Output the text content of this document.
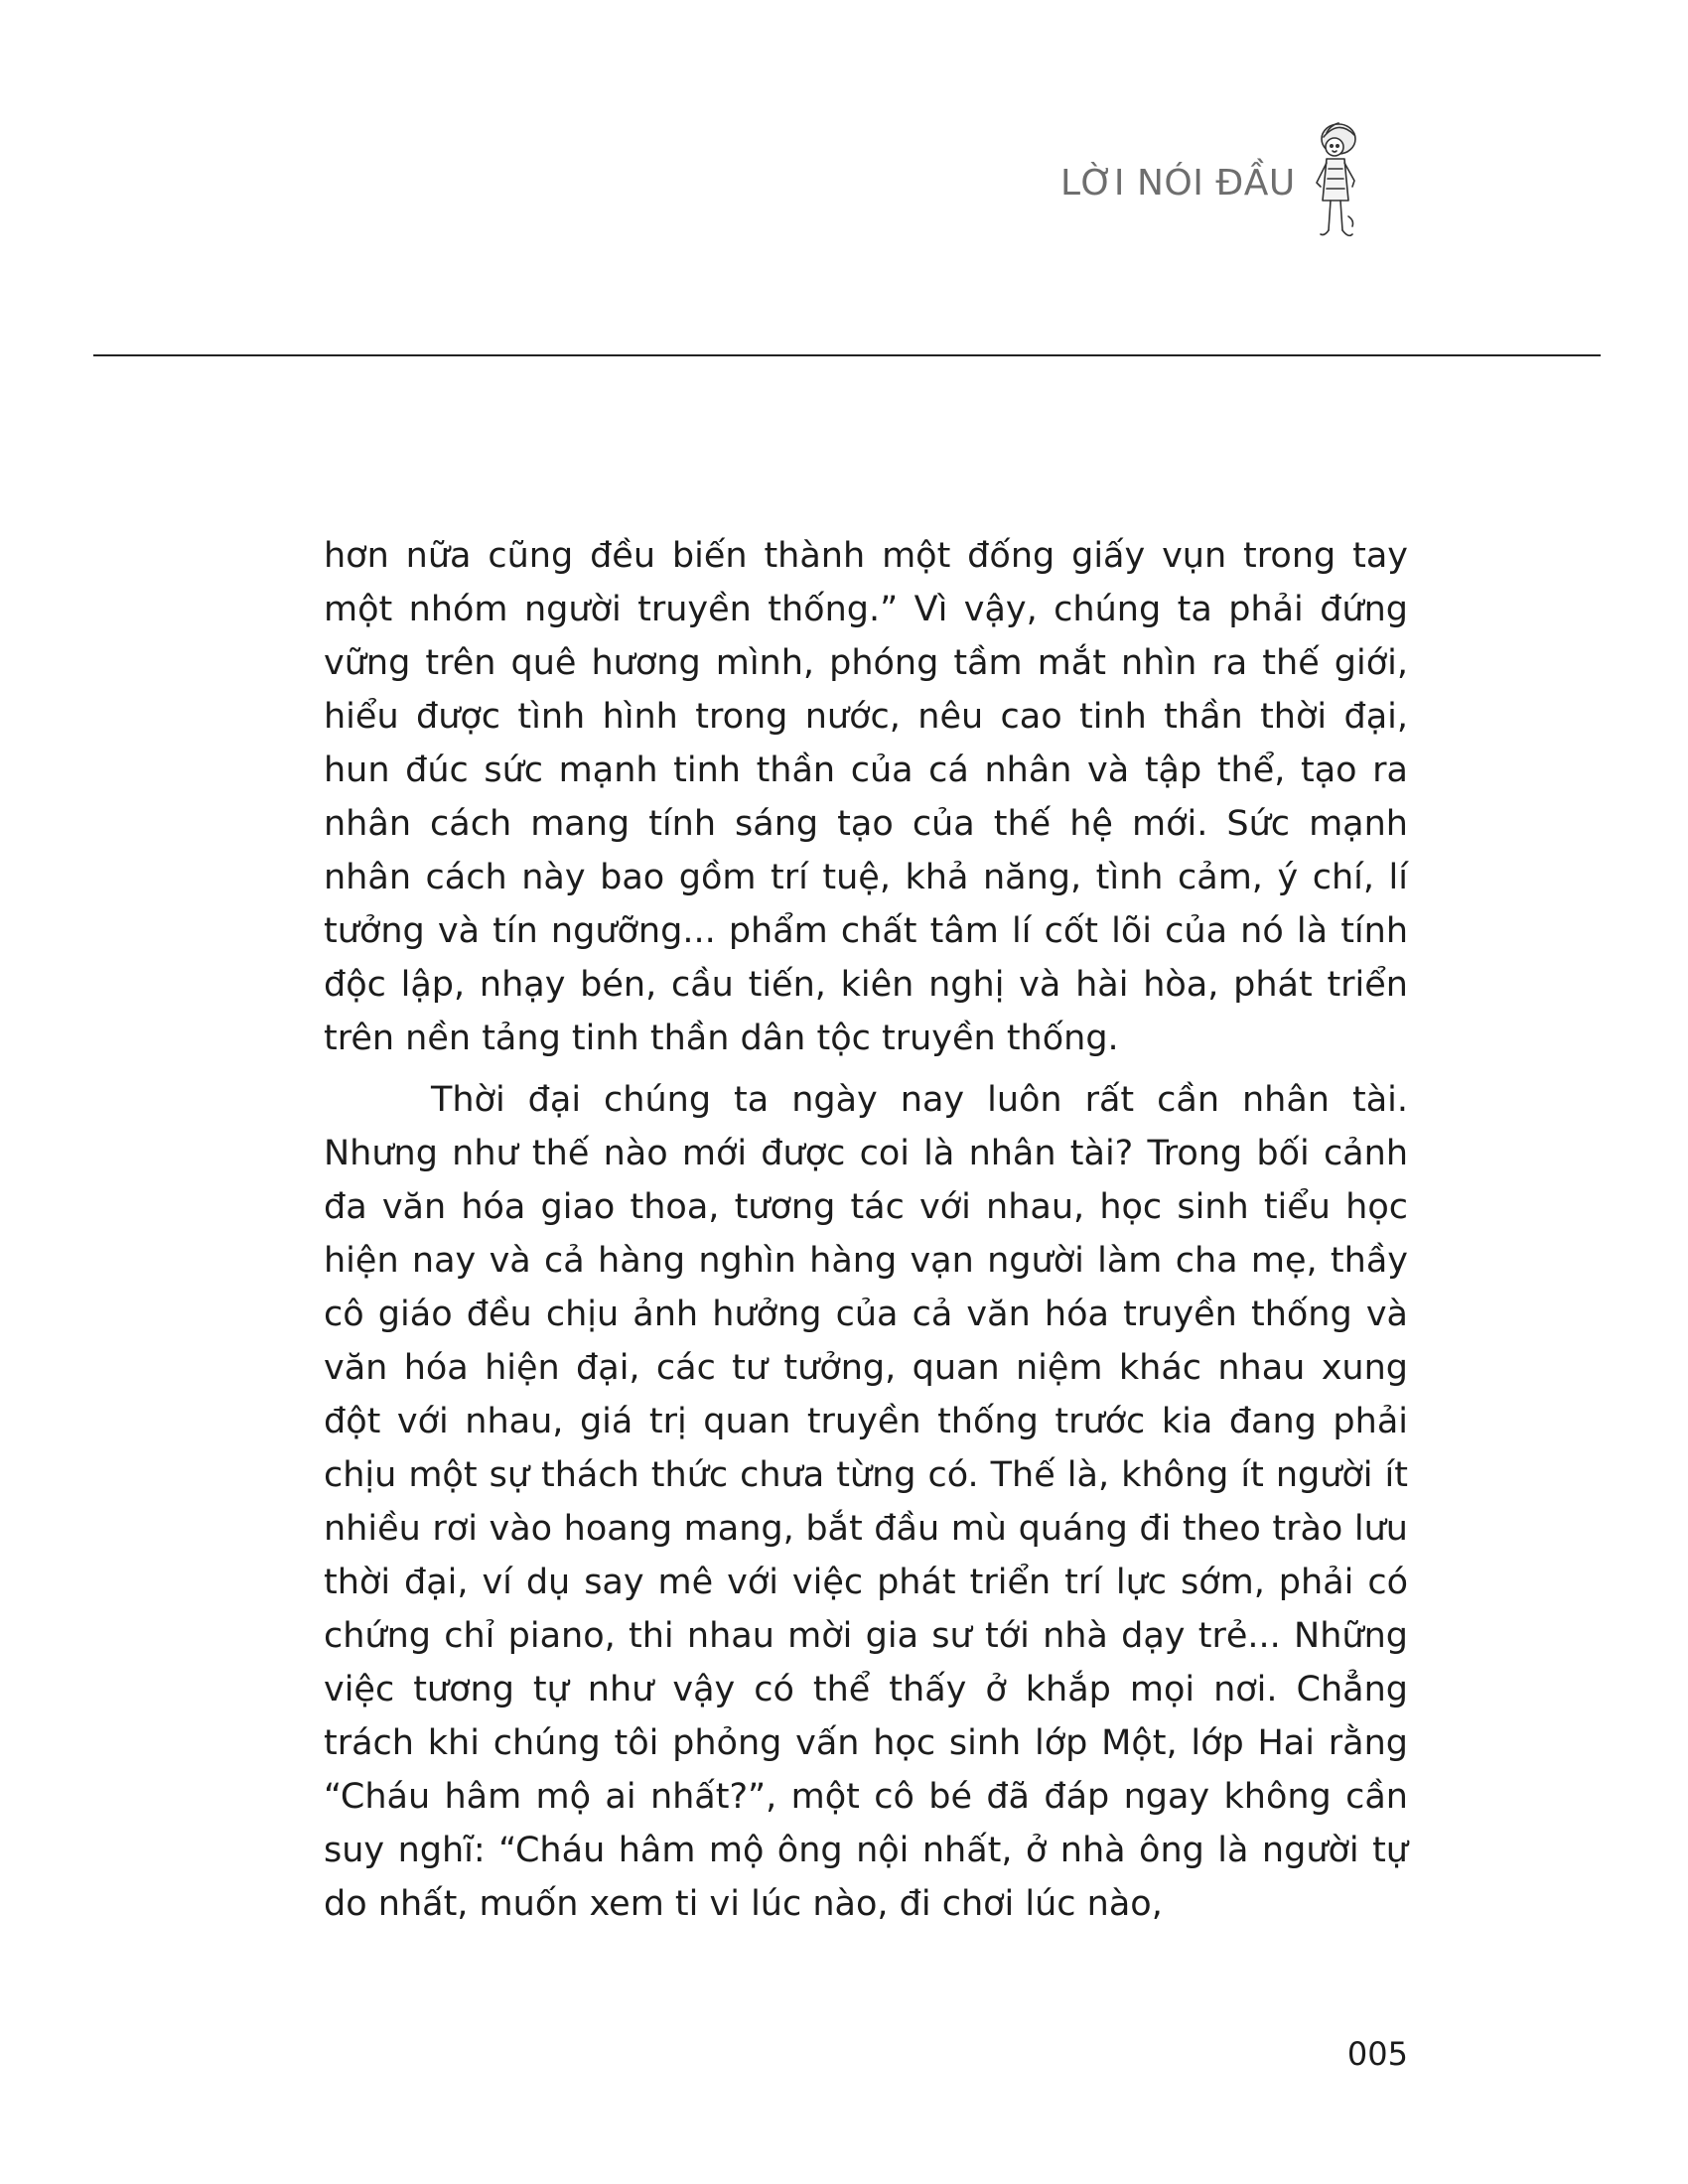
LỜI NÓI ĐẦU

hơn nữa cũng đều biến thành một đống giấy vụn trong tay một nhóm người truyền thống.” Vì vậy, chúng ta phải đứng vững trên quê hương mình, phóng tầm mắt nhìn ra thế giới, hiểu được tình hình trong nước, nêu cao tinh thần thời đại, hun đúc sức mạnh tinh thần của cá nhân và tập thể, tạo ra nhân cách mang tính sáng tạo của thế hệ mới. Sức mạnh nhân cách này bao gồm trí tuệ, khả năng, tình cảm, ý chí, lí tưởng và tín ngưỡng... phẩm chất tâm lí cốt lõi của nó là tính độc lập, nhạy bén, cầu tiến, kiên nghị và hài hòa, phát triển trên nền tảng tinh thần dân tộc truyền thống.

Thời đại chúng ta ngày nay luôn rất cần nhân tài. Nhưng như thế nào mới được coi là nhân tài? Trong bối cảnh đa văn hóa giao thoa, tương tác với nhau, học sinh tiểu học hiện nay và cả hàng nghìn hàng vạn người làm cha mẹ, thầy cô giáo đều chịu ảnh hưởng của cả văn hóa truyền thống và văn hóa hiện đại, các tư tưởng, quan niệm khác nhau xung đột với nhau, giá trị quan truyền thống trước kia đang phải chịu một sự thách thức chưa từng có. Thế là, không ít người ít nhiều rơi vào hoang mang, bắt đầu mù quáng đi theo trào lưu thời đại, ví dụ say mê với việc phát triển trí lực sớm, phải có chứng chỉ piano, thi nhau mời gia sư tới nhà dạy trẻ... Những việc tương tự như vậy có thể thấy ở khắp mọi nơi. Chẳng trách khi chúng tôi phỏng vấn học sinh lớp Một, lớp Hai rằng “Cháu hâm mộ ai nhất?”, một cô bé đã đáp ngay không cần suy nghĩ: “Cháu hâm mộ ông nội nhất, ở nhà ông là người tự do nhất, muốn xem ti vi lúc nào, đi chơi lúc nào,

005
